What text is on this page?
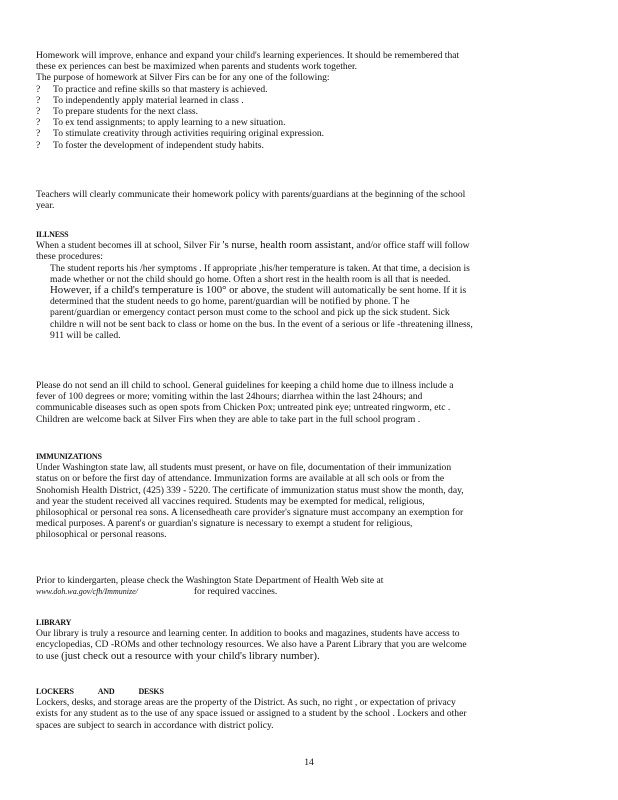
Homework will improve, enhance and expand your child's learning experiences. It should be remembered that
these ex periences can best be maximized when parents and students work together.
The purpose of homework at Silver Firs can be for any one of the following:
?	To practice and refine skills so that mastery is achieved.
?	To independently apply material learned in class .
?	To prepare students for the next class.
?	To ex tend assignments; to apply learning to a new situation.
?	To stimulate creativity through activities requiring original expression.
?	To foster the development of independent study habits.
Teachers will clearly communicate their homework policy with parents/guardians at the beginning of the school
year.
ILLNESS
When a student becomes ill at school, Silver Fir 's nurse, health room assistant, and/or office staff will follow
these procedures:
The student reports his /her symptoms . If appropriate ,his/her temperature is taken. At that time, a decision is
made whether or not the child should go home. Often a short rest in the health room is all that is needed.
However, if a child's temperature is 100° or above, the student will automatically be sent home. If it is
determined that the student needs to go home, parent/guardian will be notified by phone. T he
parent/guardian or emergency contact person must come to the school and pick up the sick student. Sick
childre n will not be sent back to class or home on the bus. In the event of a serious or life -threatening illness,
911 will be called.
Please do not send an ill child to school. General guidelines for keeping a child home due to illness include a
fever of 100 degrees or more; vomiting within the last 24hours; diarrhea within the last 24hours; and
communicable diseases such as open spots from Chicken Pox; untreated pink eye; untreated ringworm, etc .
Children are welcome back at Silver Firs when they are able to take part in the full school program .
IMMUNIZATIONS
Under Washington state law, all students must present, or have on file, documentation of their immunization
status on or before the first day of attendance. Immunization forms are available at all sch ools or from the
Snohomish Health District, (425) 339 - 5220. The certificate of immunization status must show the month, day,
and year the student received all vaccines required. Students may be exempted for medical, religious,
philosophical or personal rea sons. A licensedheath care provider's signature must accompany an exemption for
medical purposes. A parent's or guardian's signature is necessary to exempt a student for religious,
philosophical or personal reasons.
Prior to kindergarten, please check the Washington State Department of Health Web site at
www.doh.wa.gov/cfh/Immunize/	for required vaccines.
LIBRARY
Our library is truly a resource and learning center. In addition to books and magazines, students have access to
encyclopedias, CD -ROMs and other technology resources. We also have a Parent Library that you are welcome
to use (just check out a resource with your child's library number).
LOCKERS	AND	DESKS
Lockers, desks, and storage areas are the property of the District. As such, no right , or expectation of privacy
exists for any student as to the use of any space issued or assigned to a student by the school . Lockers and other
spaces are subject to search in accordance with district policy.
14
